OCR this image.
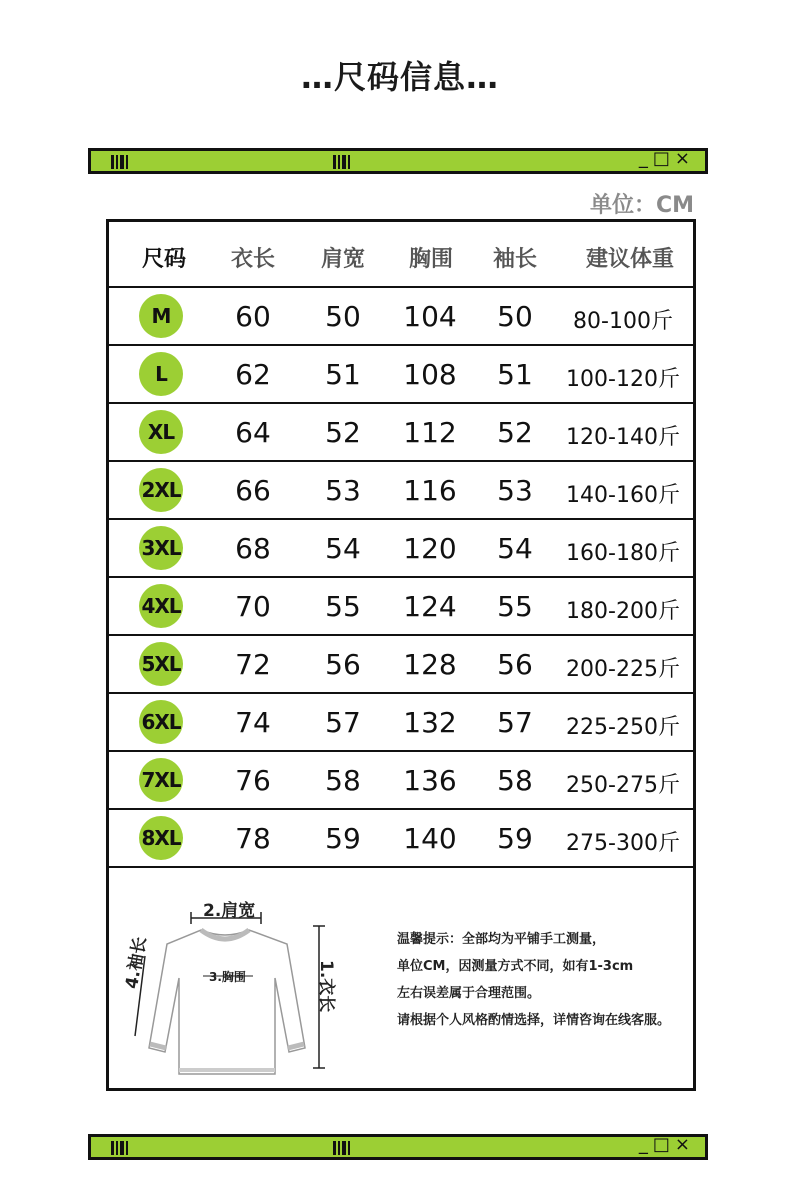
…尺码信息…
_□×
单位：CM
尺码	衣长	肩宽	胸围	袖长	建议体重
M	60	50	104	50	80-100斤
L	62	51	108	51	100-120斤
XL	64	52	112	52	120-140斤
2XL	66	53	116	53	140-160斤
3XL	68	54	120	54	160-180斤
4XL	70	55	124	55	180-200斤
5XL	72	56	128	56	200-225斤
6XL	74	57	132	57	225-250斤
7XL	76	58	136	58	250-275斤
8XL	78	59	140	59	275-300斤
2.肩宽
3.胸围
4.袖长	1.衣长
温馨提示：全部均为平铺手工测量，
单位CM，因测量方式不同，如有1-3cm
左右误差属于合理范围。
请根据个人风格酌情选择，详情咨询在线客服。
_□×
